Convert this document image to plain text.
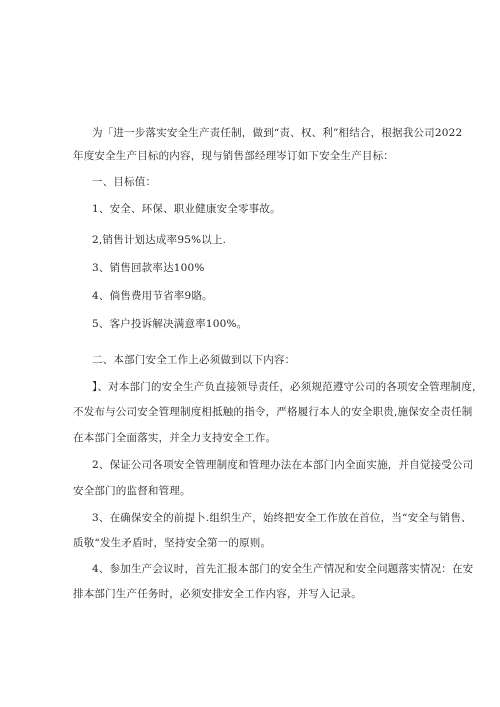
为「进一步落实安全生产责任制，做到“责、权、利”相结合，根据我公司2022
年度安全生产目标的内容，现与销售部经理岑订如下安全生产目标：
一、目标值：
1、安全、环保、职业健康安全零事故。
2,销售计划达成率95%以上.
3、销售回款率达100%
4、倘售费用节省率9賂。
5、客户投诉解决满意率100%。
二、本部门安全工作上必须做到以下内容：
】、对本部门的安全生产负直接领导责任，必须规范遵守公司的各项安全管理制度，
不发布与公司安全管理制度相抵触的指令，严格履行本人的安全职贵,施保安全责任制
在本部门全面落实，并全力支持安全工作。
2、保证公司各项安全管理制度和管理办法在本部门内全面实施，并自觉接受公司
安全部门的监督和管理。
3、在确保安全的前提卜.组织生产，始终把安全工作放在首位，当“安全与销售、
质敬“发生矛盾时，坚持安全第一的原则。
4、参加生产会议时，首先汇报本部门的安全生产情况和安全问题落实情况：在安
排本部门生产任务时，必须安排安全工作内容，并写入记录。
